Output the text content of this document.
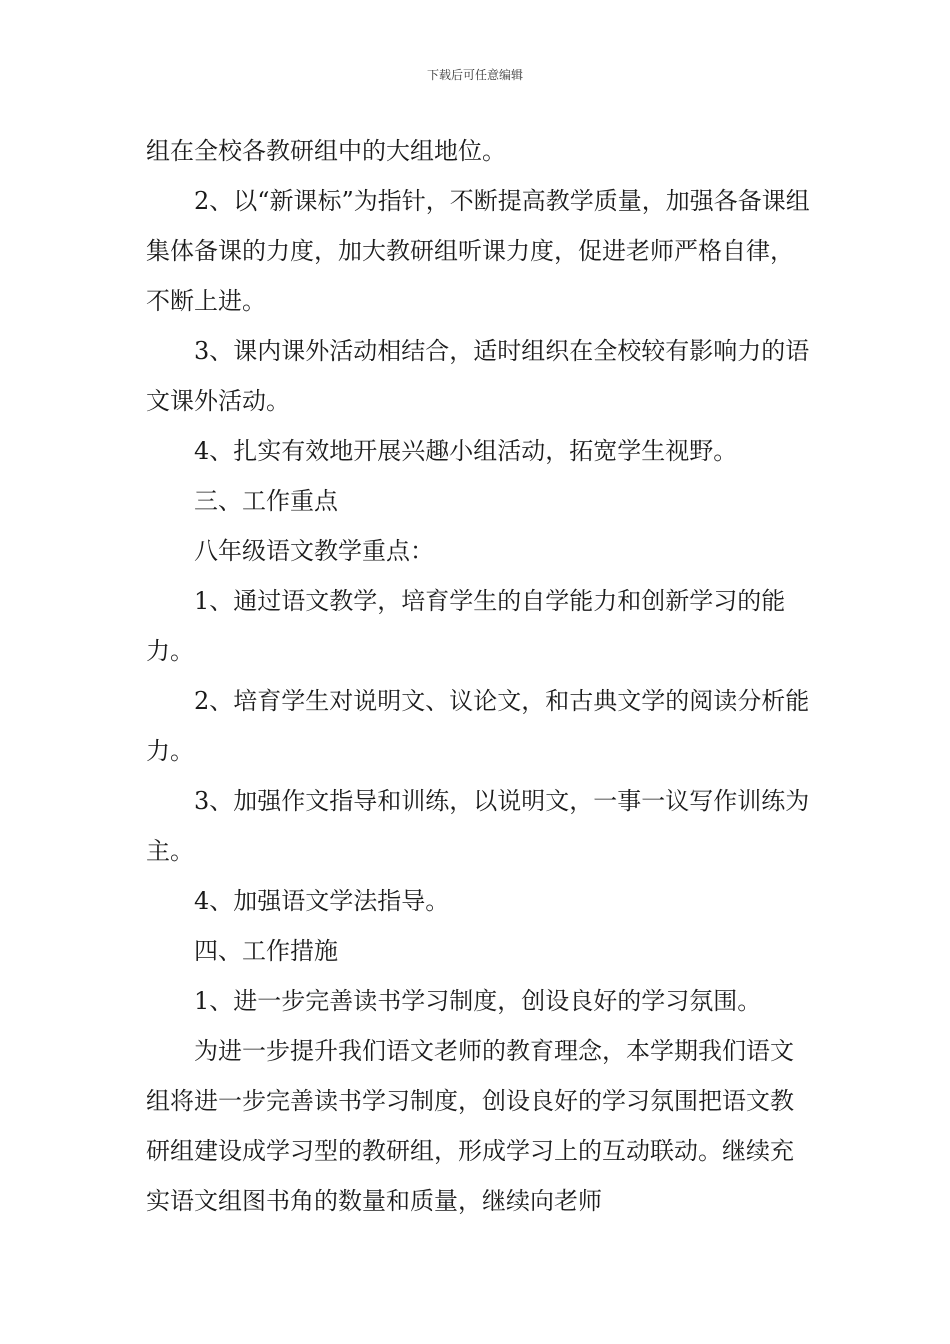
下载后可任意编辑

组在全校各教研组中的大组地位。

2、以“新课标”为指针，不断提高教学质量，加强各备课组集体备课的力度，加大教研组听课力度，促进老师严格自律，不断上进。

3、课内课外活动相结合，适时组织在全校较有影响力的语文课外活动。

4、扎实有效地开展兴趣小组活动，拓宽学生视野。

三、工作重点

八年级语文教学重点：

1、通过语文教学，培育学生的自学能力和创新学习的能力。

2、培育学生对说明文、议论文，和古典文学的阅读分析能力。

3、加强作文指导和训练，以说明文，一事一议写作训练为主。

4、加强语文学法指导。

四、工作措施

1、进一步完善读书学习制度，创设良好的学习氛围。

为进一步提升我们语文老师的教育理念，本学期我们语文组将进一步完善读书学习制度，创设良好的学习氛围把语文教研组建设成学习型的教研组，形成学习上的互动联动。继续充实语文组图书角的数量和质量，继续向老师
